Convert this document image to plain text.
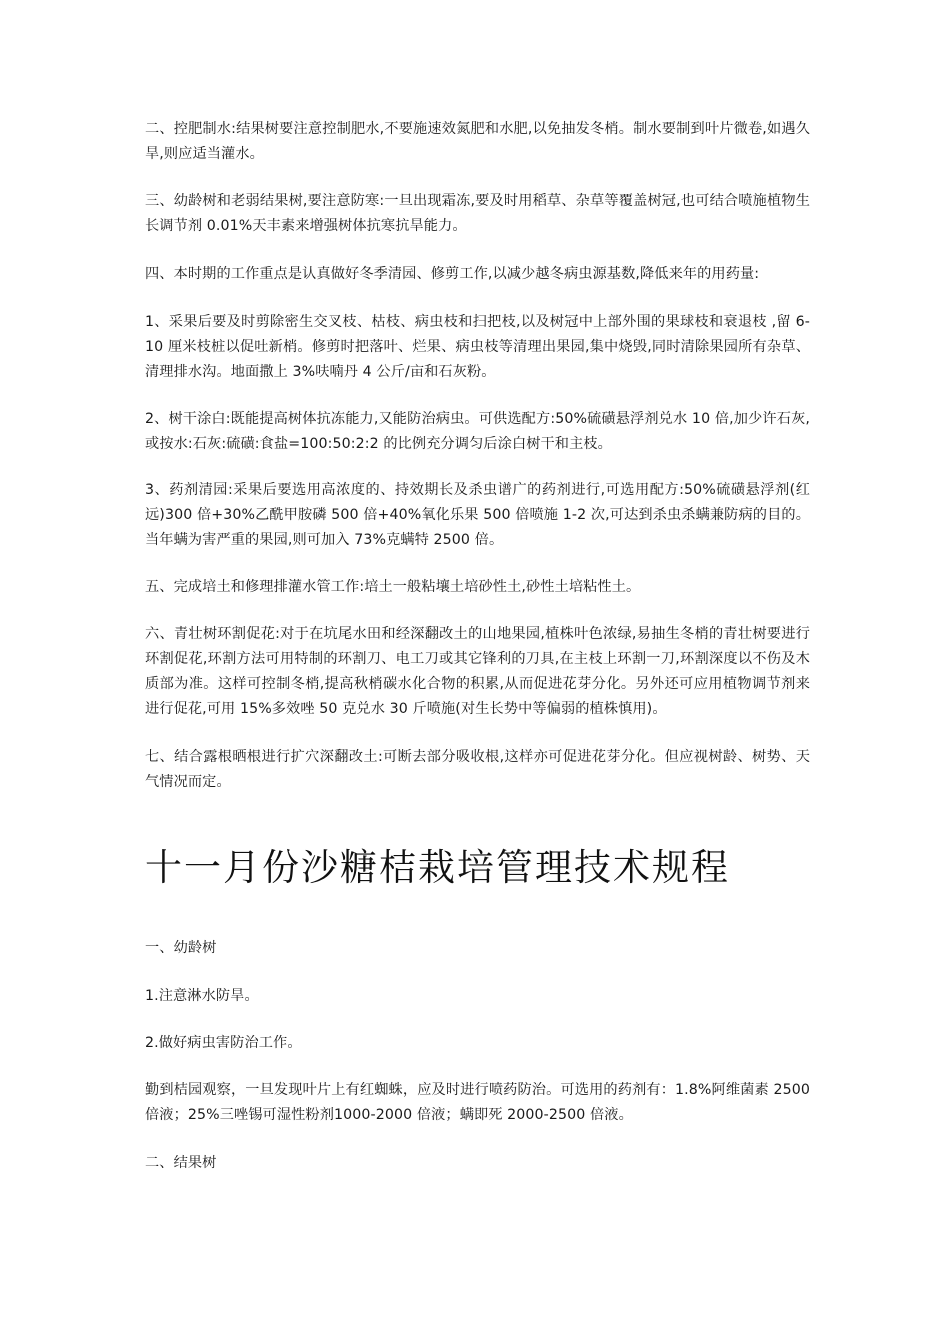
二、控肥制水:结果树要注意控制肥水,不要施速效氮肥和水肥,以免抽发冬梢。制水要制到叶片微卷,如遇久旱,则应适当灌水。

三、幼龄树和老弱结果树,要注意防寒:一旦出现霜冻,要及时用稻草、杂草等覆盖树冠,也可结合喷施植物生长调节剂 0.01%天丰素来增强树体抗寒抗旱能力。

四、本时期的工作重点是认真做好冬季清园、修剪工作,以减少越冬病虫源基数,降低来年的用药量:

1、采果后要及时剪除密生交叉枝、枯枝、病虫枝和扫把枝,以及树冠中上部外围的果球枝和衰退枝 ,留 6-10 厘米枝桩以促吐新梢。修剪时把落叶、烂果、病虫枝等清理出果园,集中烧毁,同时清除果园所有杂草、清理排水沟。地面撒上 3%呋喃丹 4 公斤/亩和石灰粉。

2、树干涂白:既能提高树体抗冻能力,又能防治病虫。可供选配方:50%硫磺悬浮剂兑水 10 倍,加少许石灰,或按水:石灰:硫磺:食盐=100:50:2:2 的比例充分调匀后涂白树干和主枝。

3、药剂清园:采果后要选用高浓度的、持效期长及杀虫谱广的药剂进行,可选用配方:50%硫磺悬浮剂(红远)300 倍+30%乙酰甲胺磷 500 倍+40%氧化乐果 500 倍喷施 1-2 次,可达到杀虫杀螨兼防病的目的。当年螨为害严重的果园,则可加入 73%克螨特 2500 倍。

五、完成培土和修理排灌水管工作:培土一般粘壤土培砂性土,砂性土培粘性土。

六、青壮树环割促花:对于在坑尾水田和经深翻改土的山地果园,植株叶色浓绿,易抽生冬梢的青壮树要进行环割促花,环割方法可用特制的环割刀、电工刀或其它锋利的刀具,在主枝上环割一刀,环割深度以不伤及木质部为准。这样可控制冬梢,提高秋梢碳水化合物的积累,从而促进花芽分化。另外还可应用植物调节剂来进行促花,可用 15%多效唑 50 克兑水 30 斤喷施(对生长势中等偏弱的植株慎用)。

七、结合露根晒根进行扩穴深翻改土:可断去部分吸收根,这样亦可促进花芽分化。但应视树龄、树势、天气情况而定。

十一月份沙糖桔栽培管理技术规程

一、幼龄树

1.注意淋水防旱。

2.做好病虫害防治工作。

勤到桔园观察，一旦发现叶片上有红蜘蛛，应及时进行喷药防治。可选用的药剂有：1.8%阿维菌素 2500 倍液；25%三唑锡可湿性粉剂1000-2000 倍液；螨即死 2000-2500 倍液。

二、结果树
